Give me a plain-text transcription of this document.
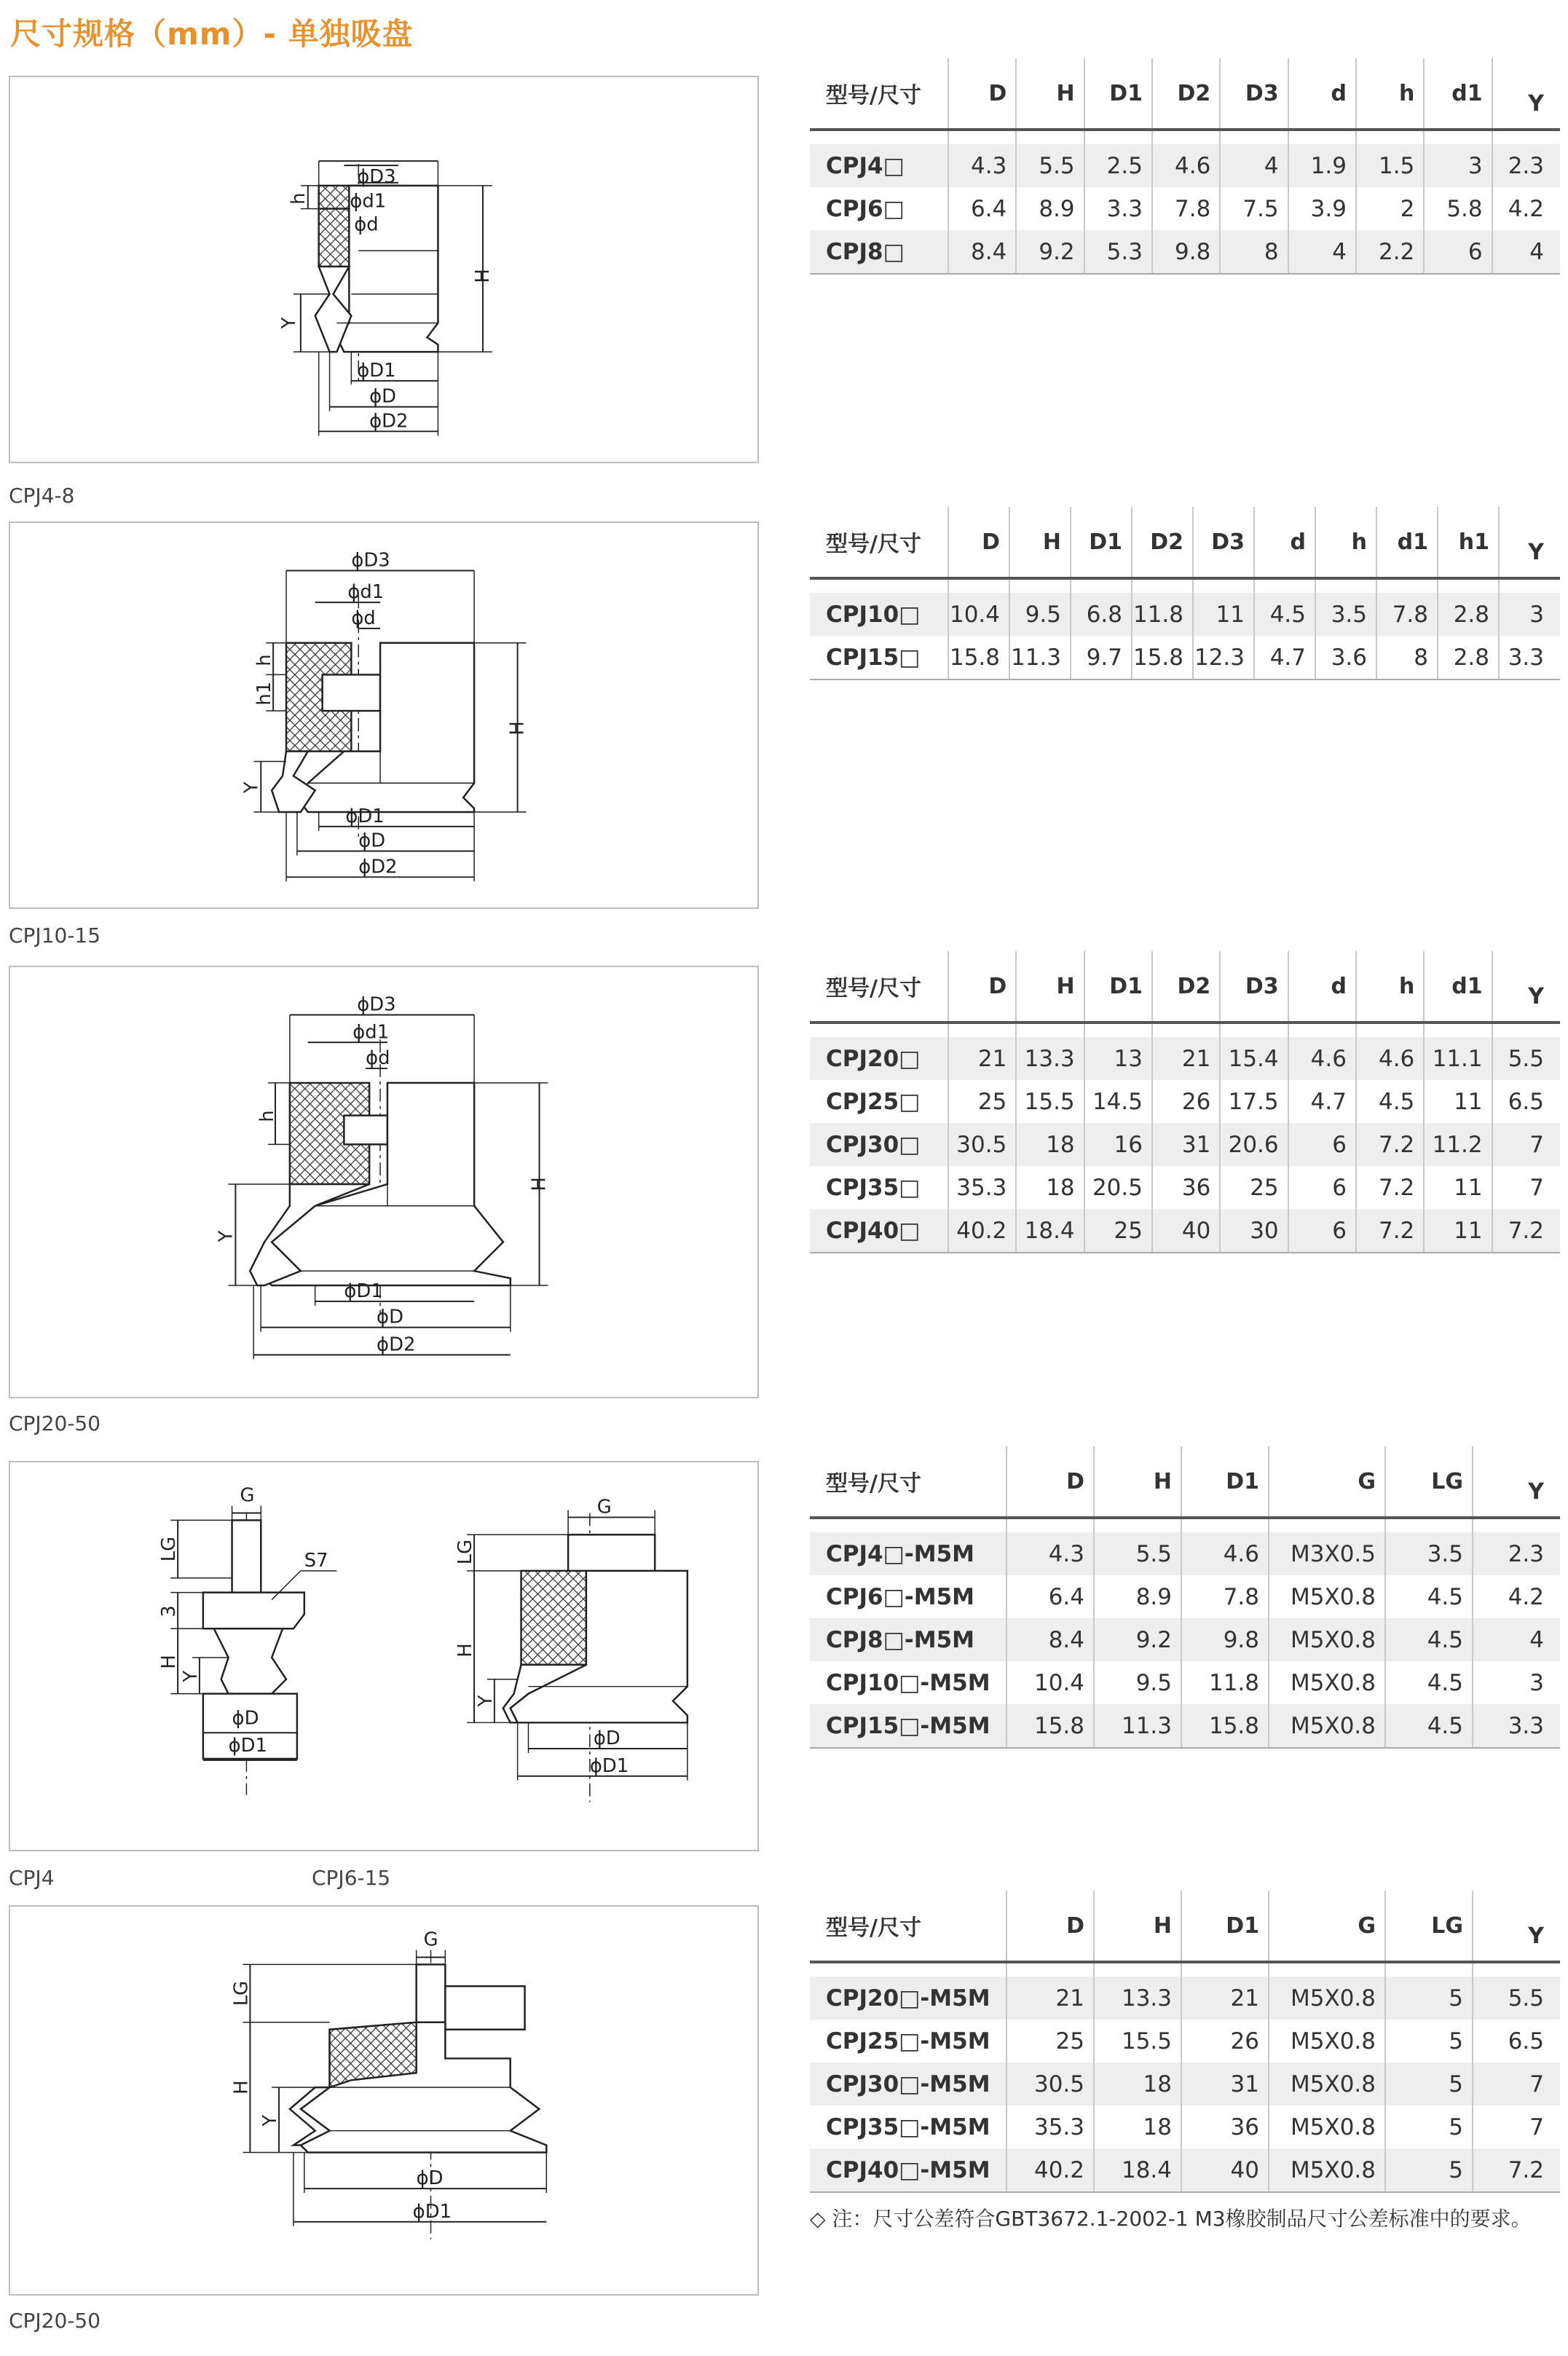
尺寸规格（mm）- 单独吸盘
ϕD3
ϕd1
ϕd
h
Y
H
ϕD1
ϕD
ϕD2
CPJ4-8
ϕD3
ϕd1
ϕd
h
h1
Y
H
ϕD1
ϕD
ϕD2
CPJ10-15
ϕD3
ϕd1
ϕd
h
Y
H
ϕD1
ϕD
ϕD2
CPJ20-50
G
S7
LG
3
H
Y
ϕD
ϕD1
G
LG
H
Y
ϕD
ϕD1
CPJ4	CPJ6-15
G
LG
H
Y
ϕD
ϕD1
CPJ20-50
型号/尺寸	D	H	D1	D2	D3	d	h	d1	Y

CPJ4□	4.3	5.5	2.5	4.6	4	1.9	1.5	3	2.3
CPJ6□	6.4	8.9	3.3	7.8	7.5	3.9	2	5.8	4.2
CPJ8□	8.4	9.2	5.3	9.8	8	4	2.2	6	4
型号/尺寸	D	H	D1	D2	D3	d	h	d1	h1	Y

CPJ10□	10.4	9.5	6.8	11.8	11	4.5	3.5	7.8	2.8	3
CPJ15□	15.8	11.3	9.7	15.8	12.3	4.7	3.6	8	2.8	3.3
型号/尺寸	D	H	D1	D2	D3	d	h	d1	Y

CPJ20□	21	13.3	13	21	15.4	4.6	4.6	11.1	5.5
CPJ25□	25	15.5	14.5	26	17.5	4.7	4.5	11	6.5
CPJ30□	30.5	18	16	31	20.6	6	7.2	11.2	7
CPJ35□	35.3	18	20.5	36	25	6	7.2	11	7
CPJ40□	40.2	18.4	25	40	30	6	7.2	11	7.2
型号/尺寸	D	H	D1	G	LG	Y

CPJ4□-M5M	4.3	5.5	4.6	M3X0.5	3.5	2.3
CPJ6□-M5M	6.4	8.9	7.8	M5X0.8	4.5	4.2
CPJ8□-M5M	8.4	9.2	9.8	M5X0.8	4.5	4
CPJ10□-M5M	10.4	9.5	11.8	M5X0.8	4.5	3
CPJ15□-M5M	15.8	11.3	15.8	M5X0.8	4.5	3.3
型号/尺寸	D	H	D1	G	LG	Y

CPJ20□-M5M	21	13.3	21	M5X0.8	5	5.5
CPJ25□-M5M	25	15.5	26	M5X0.8	5	6.5
CPJ30□-M5M	30.5	18	31	M5X0.8	5	7
CPJ35□-M5M	35.3	18	36	M5X0.8	5	7
CPJ40□-M5M	40.2	18.4	40	M5X0.8	5	7.2
◇ 注：尺寸公差符合GBT3672.1-2002-1 M3橡胶制品尺寸公差标准中的要求。
